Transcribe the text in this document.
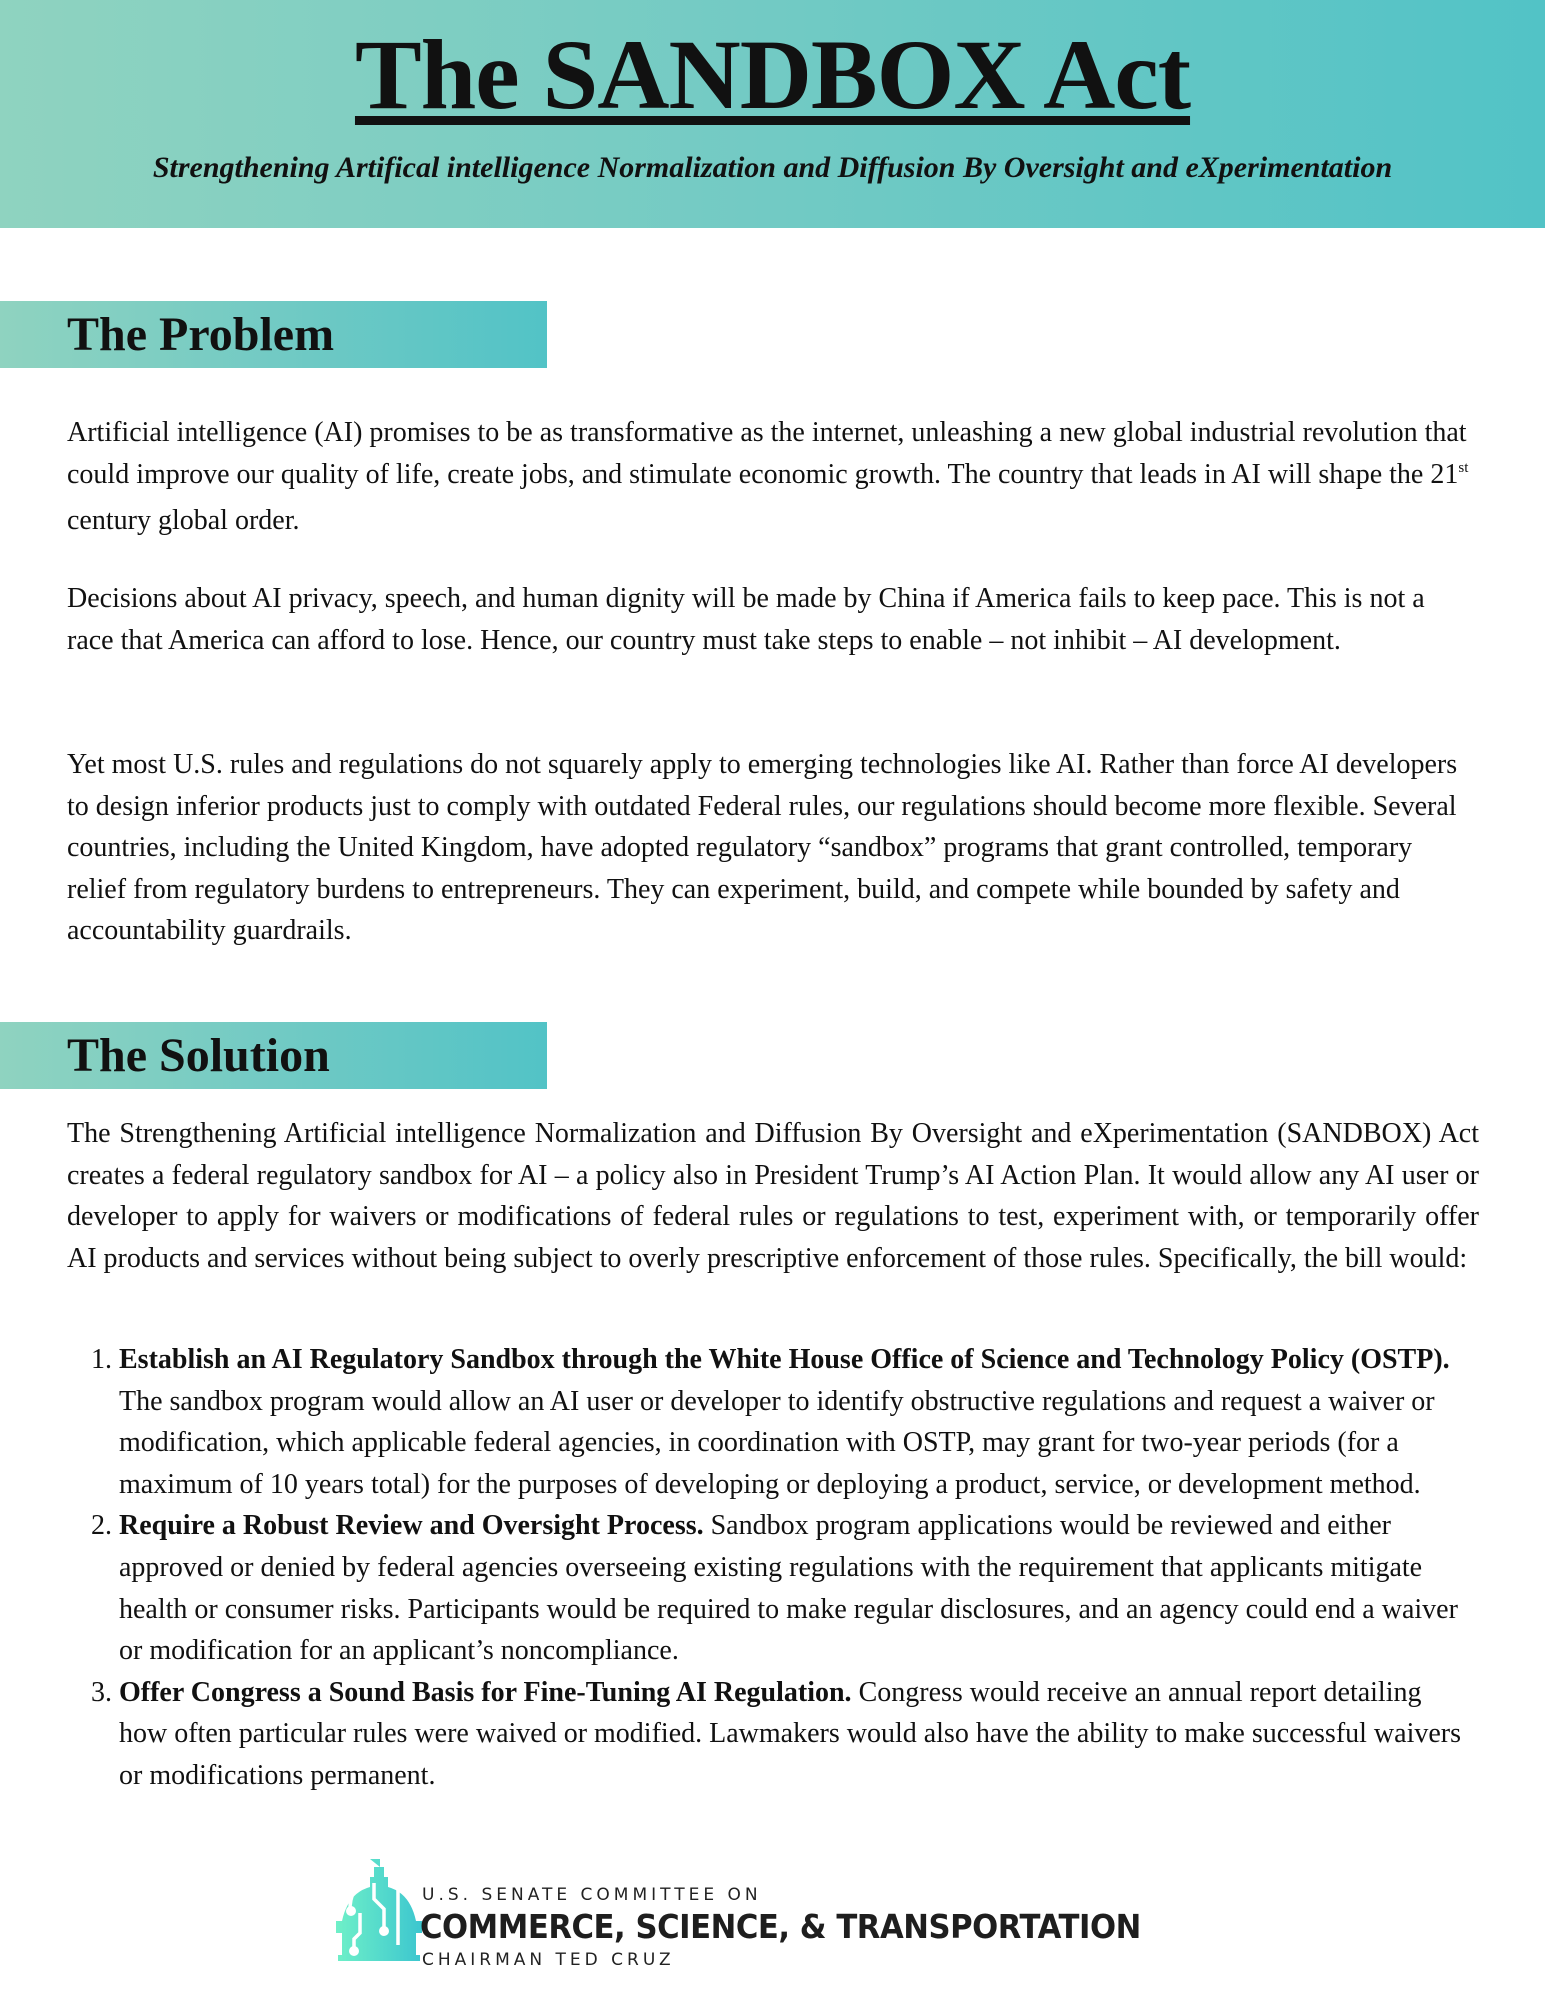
The SANDBOX Act
Strengthening Artifical intelligence Normalization and Diffusion By Oversight and eXperimentation
The Problem

Artificial intelligence (AI) promises to be as transformative as the internet, unleashing a new global industrial revolution that could improve our quality of life, create jobs, and stimulate economic growth. The country that leads in AI will shape the 21st century global order.

Decisions about AI privacy, speech, and human dignity will be made by China if America fails to keep pace. This is not a race that America can afford to lose. Hence, our country must take steps to enable – not inhibit – AI development.

Yet most U.S. rules and regulations do not squarely apply to emerging technologies like AI. Rather than force AI developers to design inferior products just to comply with outdated Federal rules, our regulations should become more flexible. Several countries, including the United Kingdom, have adopted regulatory “sandbox” programs that grant controlled, temporary relief from regulatory burdens to entrepreneurs. They can experiment, build, and compete while bounded by safety and accountability guardrails.

The Solution

The Strengthening Artificial intelligence Normalization and Diffusion By Oversight and eXperimentation (SANDBOX) Act creates a federal regulatory sandbox for AI – a policy also in President Trump’s AI Action Plan. It would allow any AI user or developer to apply for waivers or modifications of federal rules or regulations to test, experiment with, or temporarily offer AI products and services without being subject to overly prescriptive enforcement of those rules. Specifically, the bill would:

1. Establish an AI Regulatory Sandbox through the White House Office of Science and Technology Policy (OSTP). The sandbox program would allow an AI user or developer to identify obstructive regulations and request a waiver or modification, which applicable federal agencies, in coordination with OSTP, may grant for two-year periods (for a maximum of 10 years total) for the purposes of developing or deploying a product, service, or development method.
2. Require a Robust Review and Oversight Process. Sandbox program applications would be reviewed and either approved or denied by federal agencies overseeing existing regulations with the requirement that applicants mitigate health or consumer risks. Participants would be required to make regular disclosures, and an agency could end a waiver or modification for an applicant’s noncompliance.
3. Offer Congress a Sound Basis for Fine-Tuning AI Regulation. Congress would receive an annual report detailing how often particular rules were waived or modified. Lawmakers would also have the ability to make successful waivers or modifications permanent.
U.S. SENATE COMMITTEE ON
COMMERCE, SCIENCE, & TRANSPORTATION
CHAIRMAN TED CRUZ
